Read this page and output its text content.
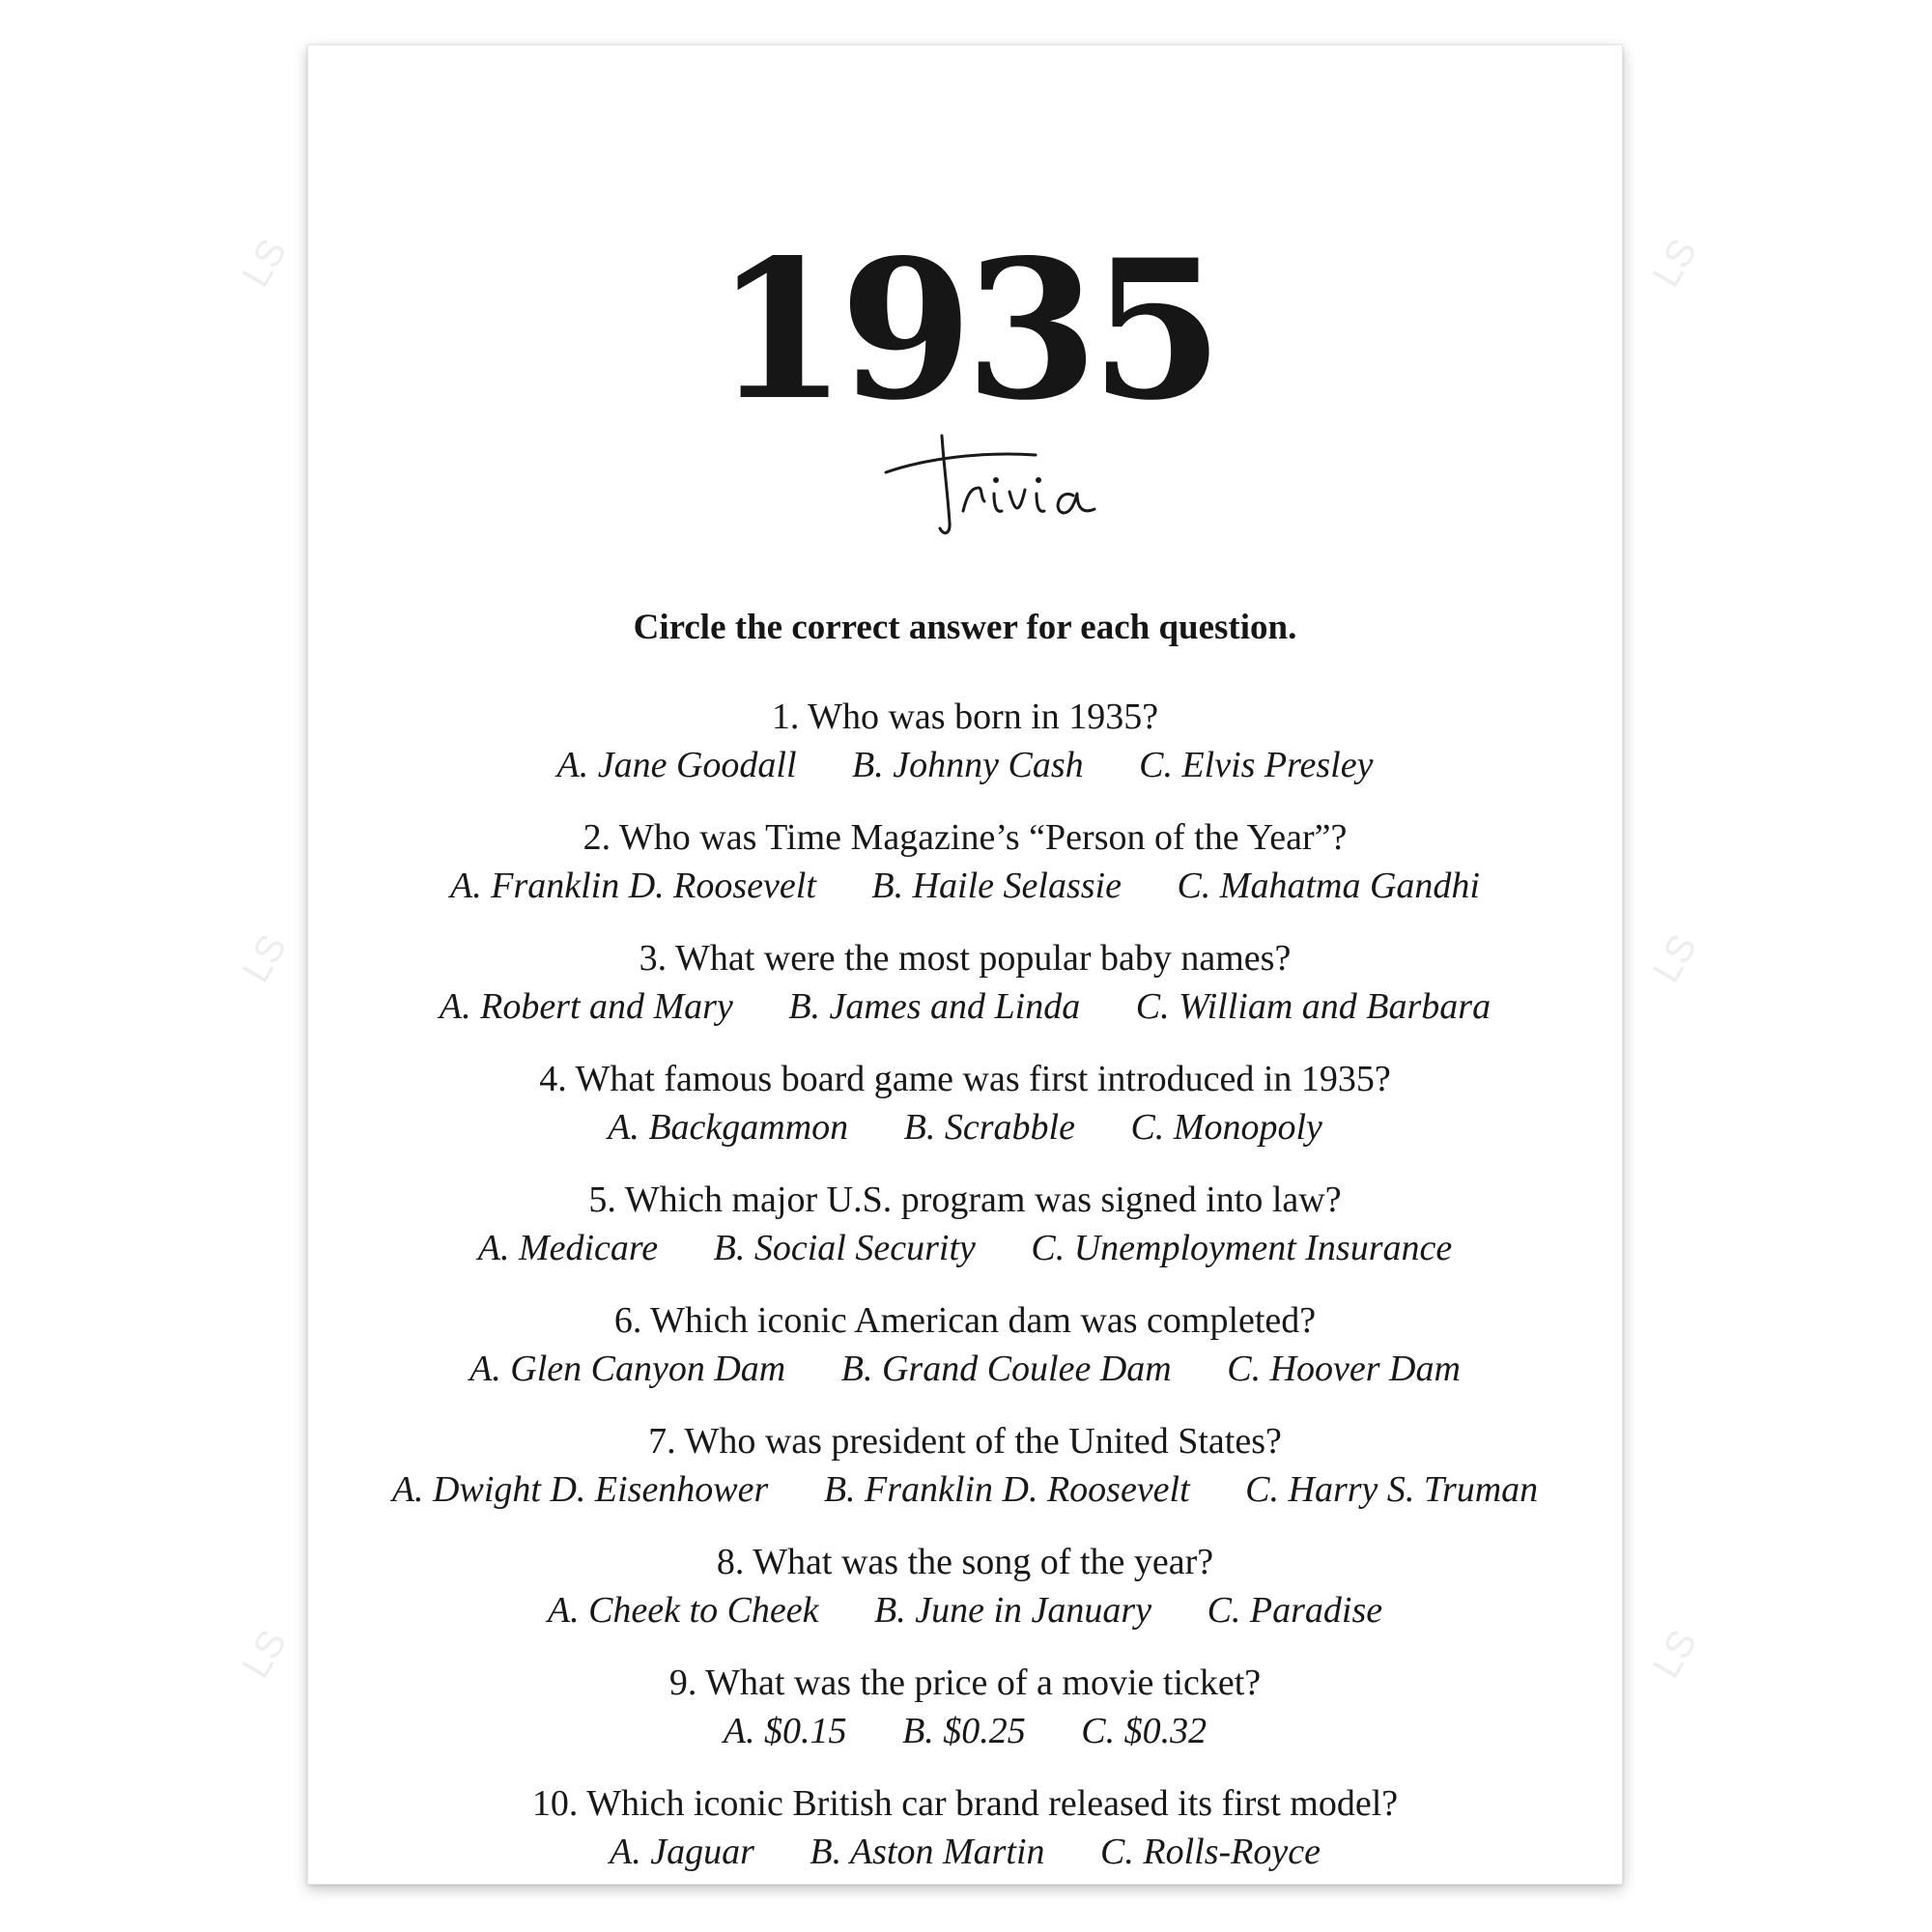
LS	LS
LS	LS
LS	LS
1935
Circle the correct answer for each question.
1. Who was born in 1935?
A. Jane Goodall B. Johnny Cash C. Elvis Presley
2. Who was Time Magazine’s “Person of the Year”?
A. Franklin D. Roosevelt B. Haile Selassie C. Mahatma Gandhi
3. What were the most popular baby names?
A. Robert and Mary B. James and Linda C. William and Barbara
4. What famous board game was first introduced in 1935?
A. Backgammon B. Scrabble C. Monopoly
5. Which major U.S. program was signed into law?
A. Medicare B. Social Security C. Unemployment Insurance
6. Which iconic American dam was completed?
A. Glen Canyon Dam B. Grand Coulee Dam C. Hoover Dam
7. Who was president of the United States?
A. Dwight D. Eisenhower B. Franklin D. Roosevelt C. Harry S. Truman
8. What was the song of the year?
A. Cheek to Cheek B. June in January C. Paradise
9. What was the price of a movie ticket?
A. $0.15 B. $0.25 C. $0.32
10. Which iconic British car brand released its first model?
A. Jaguar B. Aston Martin C. Rolls-Royce
